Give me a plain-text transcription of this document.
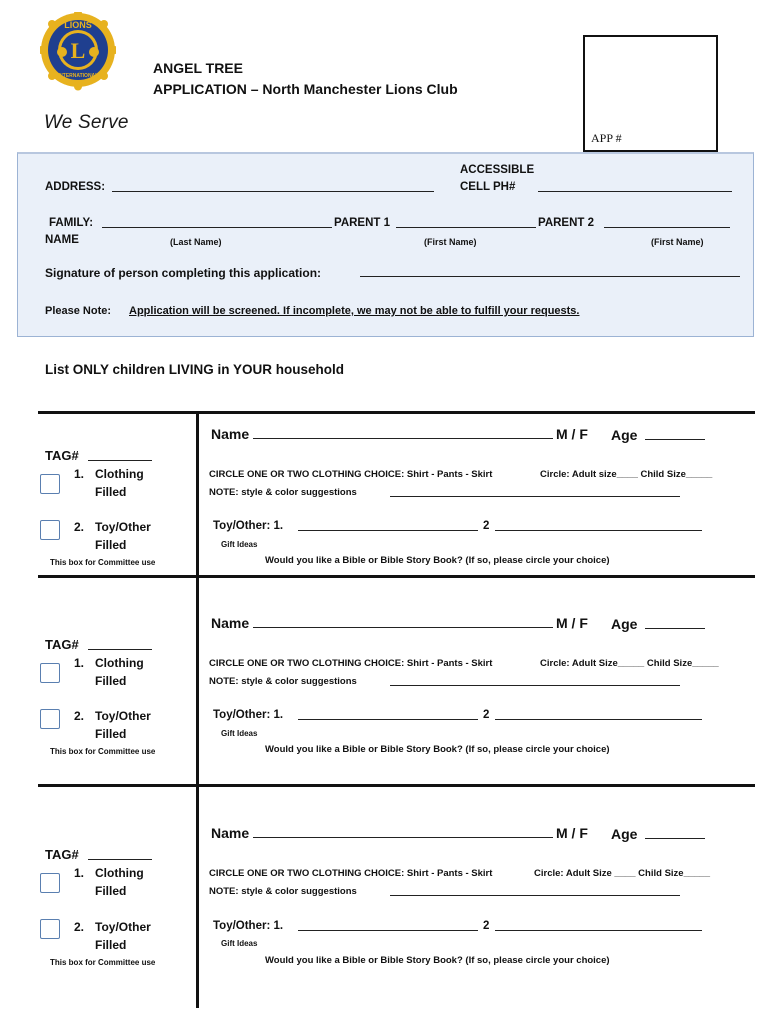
LIONS
L
INTERNATIONAL
We Serve
ANGEL TREE
APPLICATION – North Manchester Lions Club
APP #
ACCESSIBLE
ADDRESS:	CELL PH#
FAMILY:	PARENT 1	PARENT 2
NAME	(Last Name)	(First Name)	(First Name)
Signature of person completing this application:
Please Note: Application will be screened. If incomplete, we may not be able to fulfill your requests.
List ONLY children LIVING in YOUR household
TAG#
1. Clothing
Filled
2. Toy/Other
Filled
This box for Committee use
Name	M / F Age
CIRCLE ONE OR TWO CLOTHING CHOICE: Shirt - Pants - Skirt	Circle: Adult size____ Child Size_____
NOTE: style & color suggestions
Toy/Other: 1.	2
Gift Ideas
Would you like a Bible or Bible Story Book? (If so, please circle your choice)
TAG#
1. Clothing
Filled
2. Toy/Other
Filled
This box for Committee use
Name	M / F Age
CIRCLE ONE OR TWO CLOTHING CHOICE: Shirt - Pants - Skirt	Circle: Adult Size_____ Child Size_____
NOTE: style & color suggestions
Toy/Other: 1.	2
Gift Ideas
Would you like a Bible or Bible Story Book? (If so, please circle your choice)
TAG#
1. Clothing
Filled
2. Toy/Other
Filled
This box for Committee use
Name	M / F Age
CIRCLE ONE OR TWO CLOTHING CHOICE: Shirt - Pants - Skirt	Circle: Adult Size ____ Child Size_____
NOTE: style & color suggestions
Toy/Other: 1.	2
Gift Ideas
Would you like a Bible or Bible Story Book? (If so, please circle your choice)
